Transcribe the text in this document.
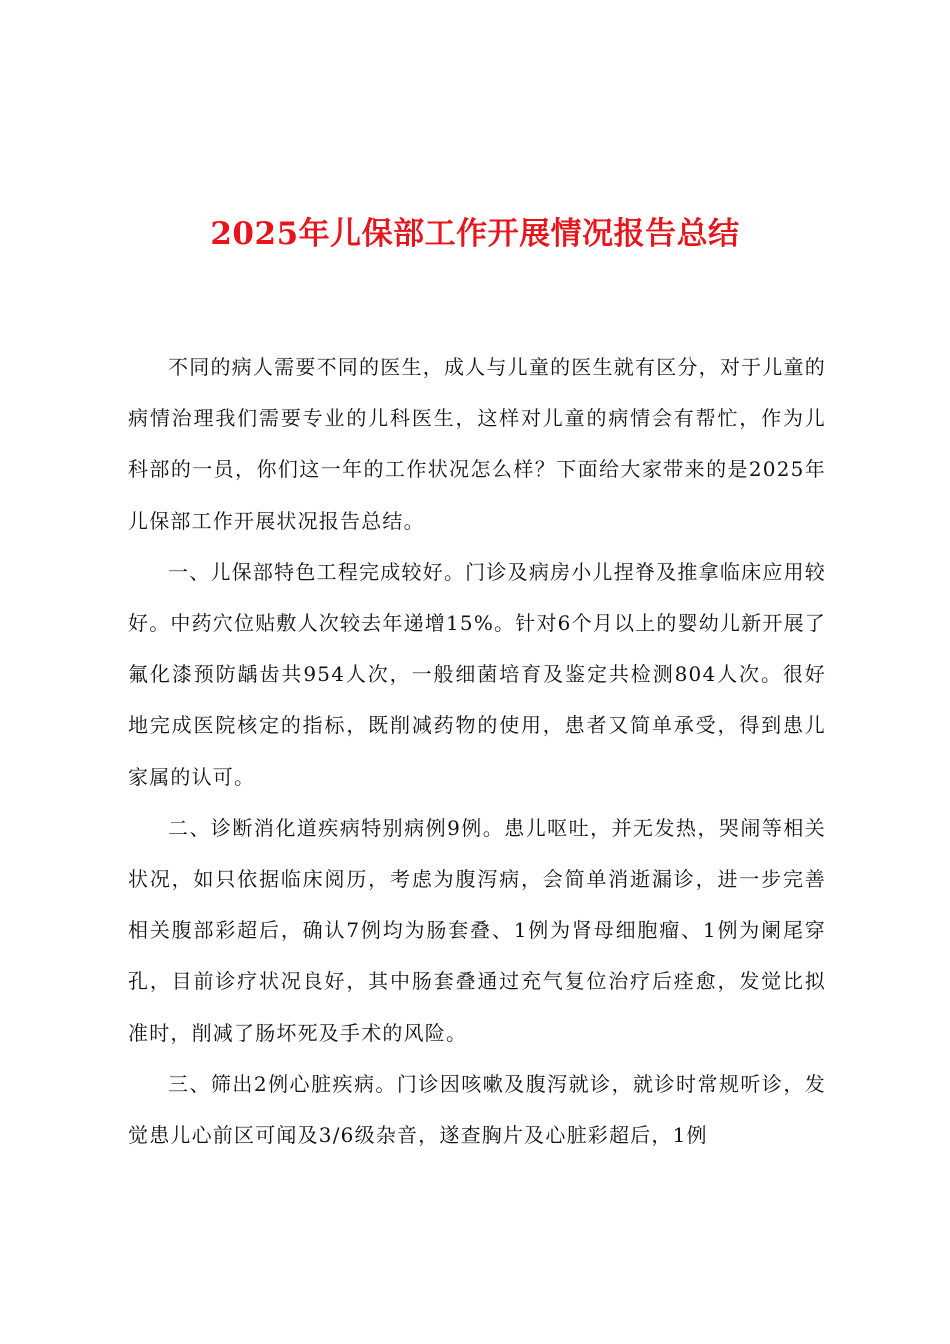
2025年儿保部工作开展情况报告总结

不同的病人需要不同的医生，成人与儿童的医生就有区分，对于儿童的病情治理我们需要专业的儿科医生，这样对儿童的病情会有帮忙，作为儿科部的一员，你们这一年的工作状况怎么样？下面给大家带来的是2025年儿保部工作开展状况报告总结。

一、儿保部特色工程完成较好。门诊及病房小儿捏脊及推拿临床应用较好。中药穴位贴敷人次较去年递增15%。针对6个月以上的婴幼儿新开展了氟化漆预防龋齿共954人次，一般细菌培育及鉴定共检测804人次。很好地完成医院核定的指标，既削减药物的使用，患者又简单承受，得到患儿家属的认可。

二、诊断消化道疾病特别病例9例。患儿呕吐，并无发热，哭闹等相关状况，如只依据临床阅历，考虑为腹泻病，会简单消逝漏诊，进一步完善相关腹部彩超后，确认7例均为肠套叠、1例为肾母细胞瘤、1例为阑尾穿孔，目前诊疗状况良好，其中肠套叠通过充气复位治疗后痊愈，发觉比拟准时，削减了肠坏死及手术的风险。

三、筛出2例心脏疾病。门诊因咳嗽及腹泻就诊，就诊时常规听诊，发觉患儿心前区可闻及3/6级杂音，遂查胸片及心脏彩超后，1例
